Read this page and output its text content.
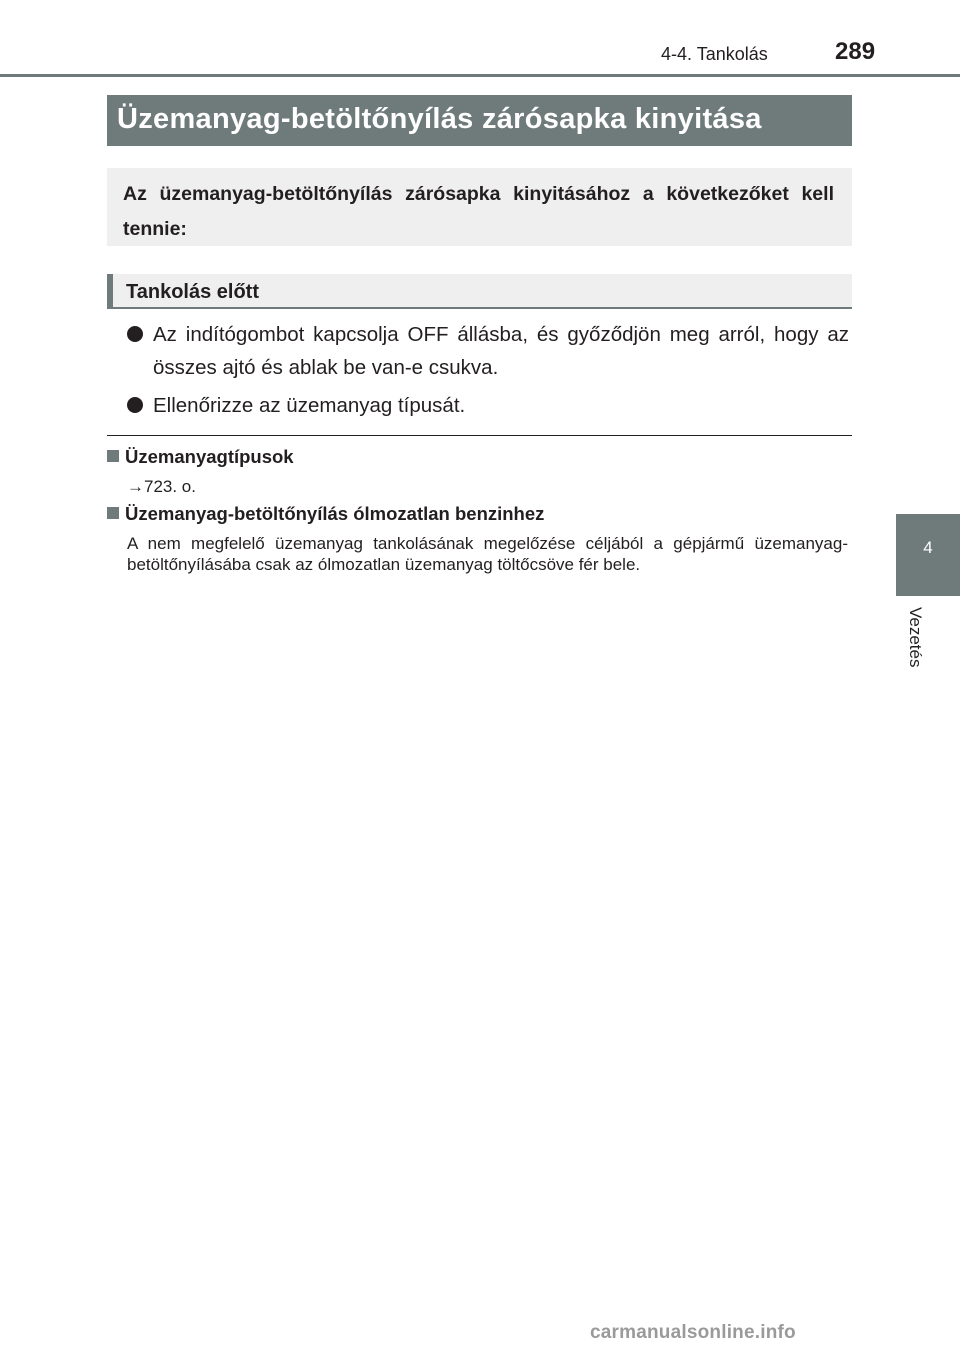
4-4. Tankolás	289
Üzemanyag-betöltőnyílás zárósapka kinyitása

Az üzemanyag-betöltőnyílás zárósapka kinyitásához a következőket kell tennie:

Tankolás előtt
Az indítógombot kapcsolja OFF állásba, és győződjön meg arról, hogy az összes ajtó és ablak be van-e csukva.
Ellenőrizze az üzemanyag típusát.
Üzemanyagtípusok
→723. o.
Üzemanyag-betöltőnyílás ólmozatlan benzinhez

A nem megfelelő üzemanyag tankolásának megelőzése céljából a gépjármű üzemanyag-betöltőnyílásába csak az ólmozatlan üzemanyag töltőcsöve fér bele.

4
Vezetés
carmanualsonline.info
